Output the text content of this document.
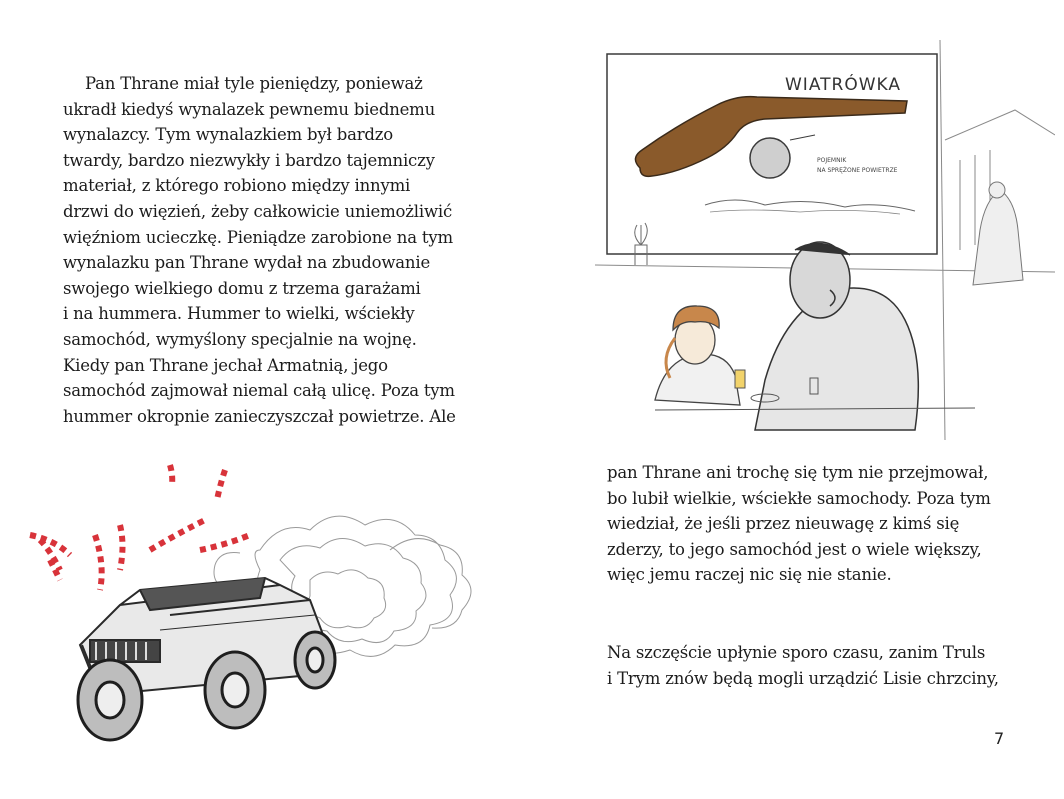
Pan Thrane miał tyle pieniędzy, ponieważ
ukradł kiedyś wynalazek pewnemu biednemu
wynalazcy. Tym wynalazkiem był bardzo
twardy, bardzo niezwykły i bardzo tajemniczy
materiał, z którego robiono między innymi
drzwi do więzień, żeby całkowicie uniemożliwić
więźniom ucieczkę. Pieniądze zarobione na tym
wynalazku pan Thrane wydał na zbudowanie
swojego wielkiego domu z trzema garażami
i na hummera. Hummer to wielki, wściekły
samochód, wymyślony specjalnie na wojnę.
Kiedy pan Thrane jechał Armatnią, jego
samochód zajmował niemal całą ulicę. Poza tym
hummer okropnie zanieczyszczał powietrze. Ale
pan Thrane ani trochę się tym nie przejmował,
bo lubił wielkie, wściekłe samochody. Poza tym
wiedział, że jeśli przez nieuwagę z kimś się
zderzy, to jego samochód jest o wiele większy,
więc jemu raczej nic się nie stanie.
Na szczęście upłynie sporo czasu, zanim Truls
i Trym znów będą mogli urządzić Lisie chrzciny,
WIATRÓWKA
POJEMNIK
NA SPRĘŻONE POWIETRZE
7
